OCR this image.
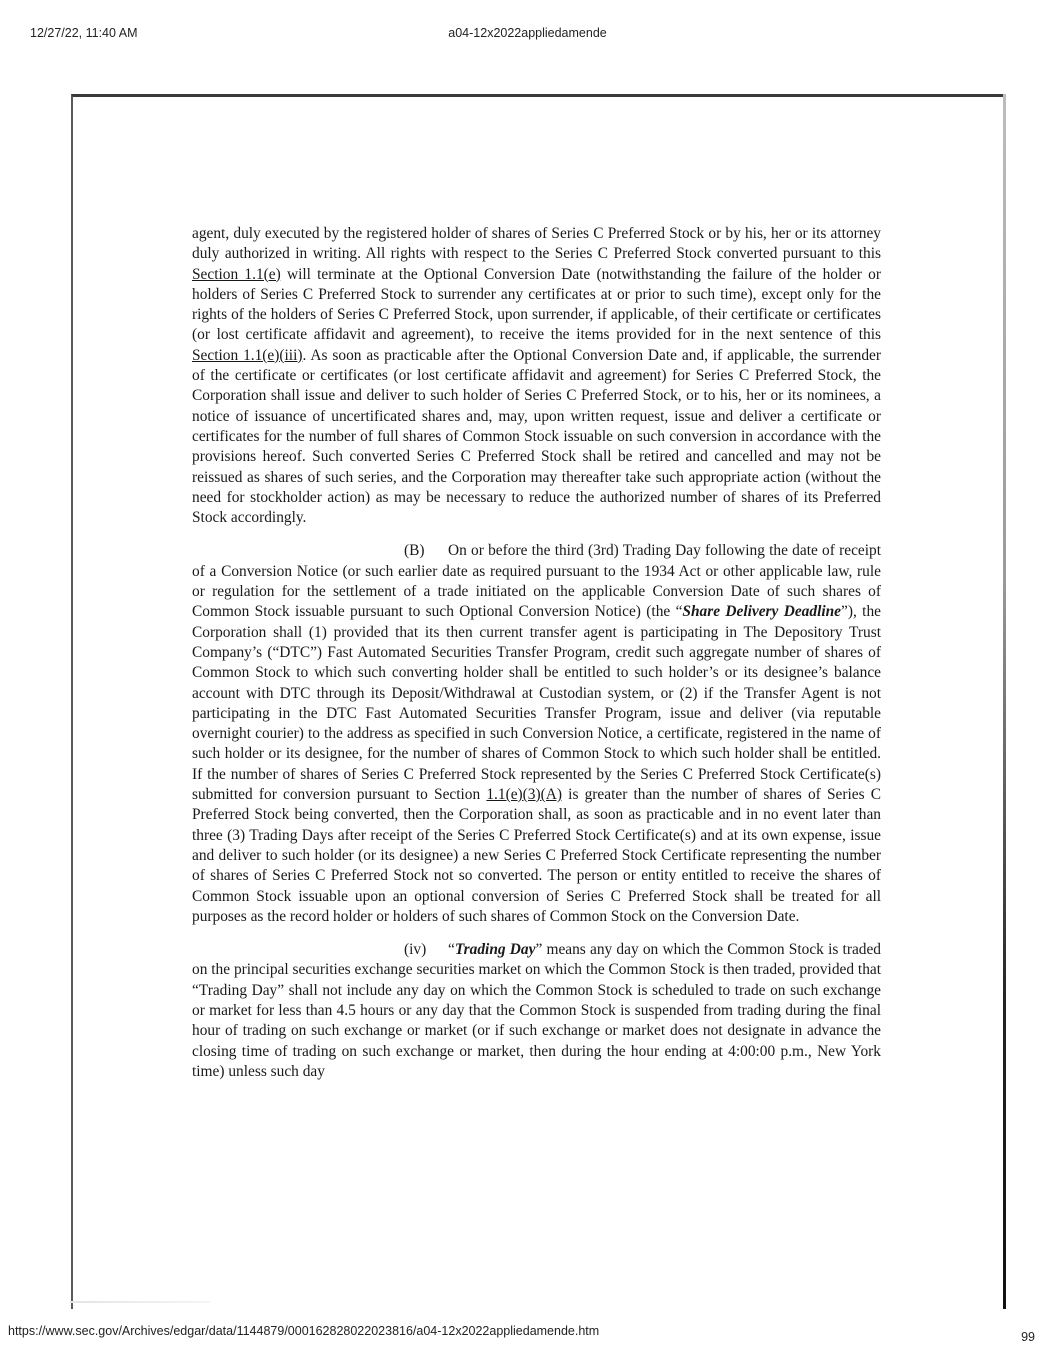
12/27/22, 11:40 AM	a04-12x2022appliedamende

agent, duly executed by the registered holder of shares of Series C Preferred Stock or by his, her or its attorney duly authorized in writing. All rights with respect to the Series C Preferred Stock converted pursuant to this Section 1.1(e) will terminate at the Optional Conversion Date (notwithstanding the failure of the holder or holders of Series C Preferred Stock to surrender any certificates at or prior to such time), except only for the rights of the holders of Series C Preferred Stock, upon surrender, if applicable, of their certificate or certificates (or lost certificate affidavit and agreement), to receive the items provided for in the next sentence of this Section 1.1(e)(iii). As soon as practicable after the Optional Conversion Date and, if applicable, the surrender of the certificate or certificates (or lost certificate affidavit and agreement) for Series C Preferred Stock, the Corporation shall issue and deliver to such holder of Series C Preferred Stock, or to his, her or its nominees, a notice of issuance of uncertificated shares and, may, upon written request, issue and deliver a certificate or certificates for the number of full shares of Common Stock issuable on such conversion in accordance with the provisions hereof. Such converted Series C Preferred Stock shall be retired and cancelled and may not be reissued as shares of such series, and the Corporation may thereafter take such appropriate action (without the need for stockholder action) as may be necessary to reduce the authorized number of shares of its Preferred Stock accordingly.

(B) On or before the third (3rd) Trading Day following the date of receipt of a Conversion Notice (or such earlier date as required pursuant to the 1934 Act or other applicable law, rule or regulation for the settlement of a trade initiated on the applicable Conversion Date of such shares of Common Stock issuable pursuant to such Optional Conversion Notice) (the “Share Delivery Deadline”), the Corporation shall (1) provided that its then current transfer agent is participating in The Depository Trust Company’s (“DTC”) Fast Automated Securities Transfer Program, credit such aggregate number of shares of Common Stock to which such converting holder shall be entitled to such holder’s or its designee’s balance account with DTC through its Deposit/Withdrawal at Custodian system, or (2) if the Transfer Agent is not participating in the DTC Fast Automated Securities Transfer Program, issue and deliver (via reputable overnight courier) to the address as specified in such Conversion Notice, a certificate, registered in the name of such holder or its designee, for the number of shares of Common Stock to which such holder shall be entitled. If the number of shares of Series C Preferred Stock represented by the Series C Preferred Stock Certificate(s) submitted for conversion pursuant to Section 1.1(e)(3)(A) is greater than the number of shares of Series C Preferred Stock being converted, then the Corporation shall, as soon as practicable and in no event later than three (3) Trading Days after receipt of the Series C Preferred Stock Certificate(s) and at its own expense, issue and deliver to such holder (or its designee) a new Series C Preferred Stock Certificate representing the number of shares of Series C Preferred Stock not so converted. The person or entity entitled to receive the shares of Common Stock issuable upon an optional conversion of Series C Preferred Stock shall be treated for all purposes as the record holder or holders of such shares of Common Stock on the Conversion Date.

(iv) “Trading Day” means any day on which the Common Stock is traded on the principal securities exchange securities market on which the Common Stock is then traded, provided that “Trading Day” shall not include any day on which the Common Stock is scheduled to trade on such exchange or market for less than 4.5 hours or any day that the Common Stock is suspended from trading during the final hour of trading on such exchange or market (or if such exchange or market does not designate in advance the closing time of trading on such exchange or market, then during the hour ending at 4:00:00 p.m., New York time) unless such day

https://www.sec.gov/Archives/edgar/data/1144879/000162828022023816/a04-12x2022appliedamende.htm	99
